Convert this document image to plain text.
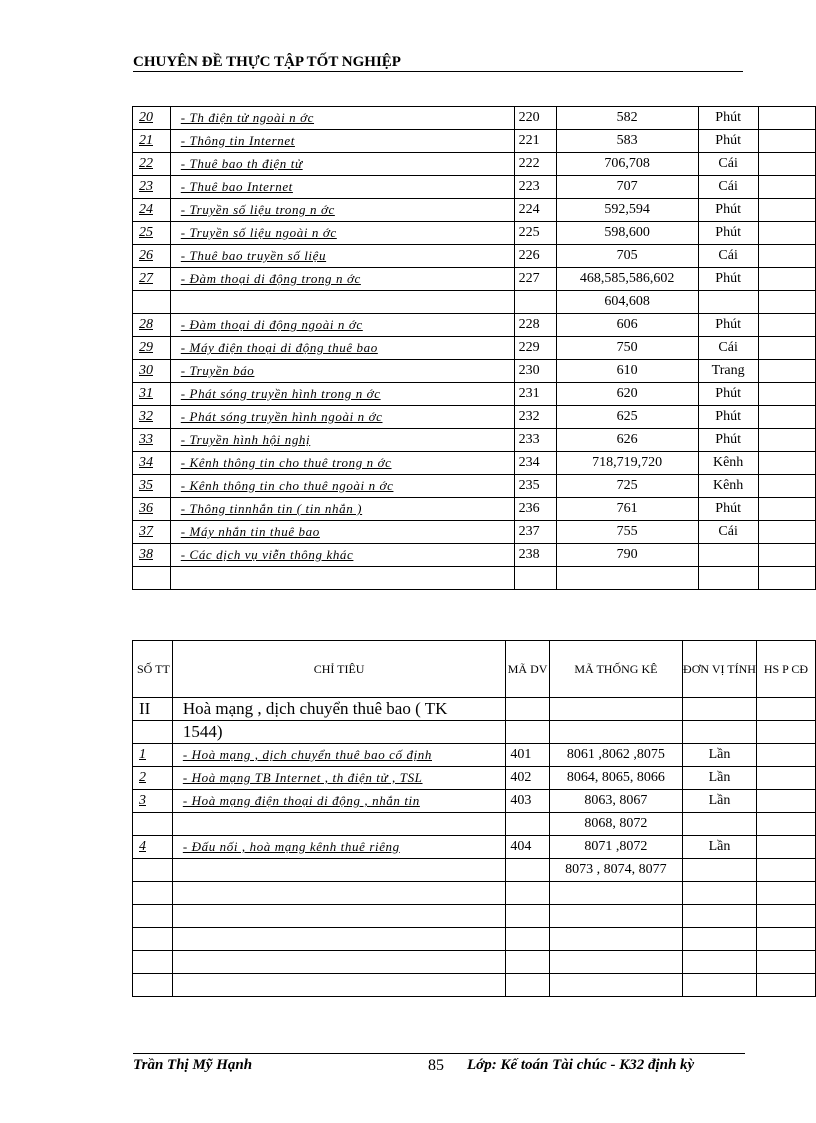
CHUYÊN ĐỀ THỰC TẬP TỐT NGHIỆP
20	- Th điện tử ngoài n ớc	220	582	Phút	
21	- Thông tin Internet	221	583	Phút	
22	- Thuê bao th điện tử	222	706,708	Cái	
23	- Thuê bao Internet	223	707	Cái	
24	- Truyền số liệu trong n ớc	224	592,594	Phút	
25	- Truyền số liệu ngoài n ớc	225	598,600	Phút	
26	- Thuê bao truyền số liệu	226	705	Cái	
27	- Đàm thoại di động trong n ớc	227	468,585,586,602	Phút	
			604,608		
28	- Đàm thoại di động ngoài n ớc	228	606	Phút	
29	- Máy điện thoại di động thuê bao	229	750	Cái	
30	- Truyền báo	230	610	Trang	
31	- Phát sóng truyền hình trong n ớc	231	620	Phút	
32	- Phát sóng truyền hình ngoài n ớc	232	625	Phút	
33	- Truyền hình hội nghị	233	626	Phút	
34	- Kênh thông tin cho thuê trong n ớc	234	718,719,720	Kênh	
35	- Kênh thông tin cho thuê ngoài n ớc	235	725	Kênh	
36	- Thông tinnhắn tin ( tin nhắn )	236	761	Phút	
37	- Máy nhắn tin thuê bao	237	755	Cái	
38	- Các dịch vụ viễn thông khác	238	790		

SỐ TT	CHỈ TIÊU	MÃ DV	MÃ THỐNG KÊ	ĐƠN VỊ TÍNH	HS P CĐ
II	Hoà mạng , dịch chuyển thuê bao ( TK				
	1544)				
1	- Hoà mạng , dịch chuyển thuê bao cố định	401	8061 ,8062 ,8075	Lần	
2	- Hoà mạng TB Internet , th điện tử , TSL	402	8064, 8065, 8066	Lần	
3	- Hoà mạng điện thoại di động , nhắn tin	403	8063, 8067	Lần	
			8068, 8072		
4	- Đấu nối , hoà mạng kênh thuê riêng	404	8071 ,8072	Lần	
			8073 , 8074, 8077		

Trần Thị Mỹ Hạnh	85 Lớp: Kế toán Tài chúc - K32 định kỳ
